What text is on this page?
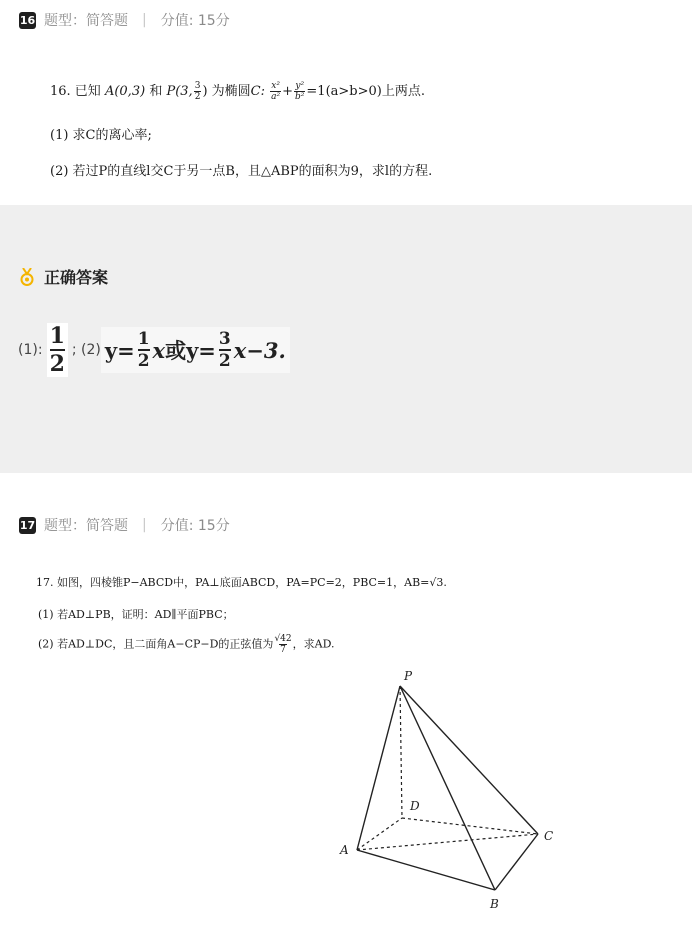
16 题型：简答题 | 分值: 15分
16. 已知 A(0,3) 和 P(3, $\frac{3}{2}$ ) 为椭圆C: $\frac{\text{x²}}{\text{a²}} + \frac{\text{y²}}{\text{b²}} =1(a>b>0)$上两点.
(1) 求C的离心率;
(2) 若过P的直线l交C于另一点B，且△ABP的面积为9，求l的方程.
正确答案
(1): $\frac{1}{2}$ ; (2) $y= \frac{1}{2}$ x 或 $y= \frac{3}{2} x-3$.
17 题型：简答题 | 分值: 15分
17. 如图，四棱锥P−ABCD中，PA⊥底面ABCD，PA=PC=2，PBC=1，AB=√3.
(1) 若AD⊥PB，证明：AD∥平面PBC；
(2) 若AD⊥DC，且二面角A−CP−D的正弦值为 $\frac{√42}{7}$ ，求AD.
P
D
A
B
C
